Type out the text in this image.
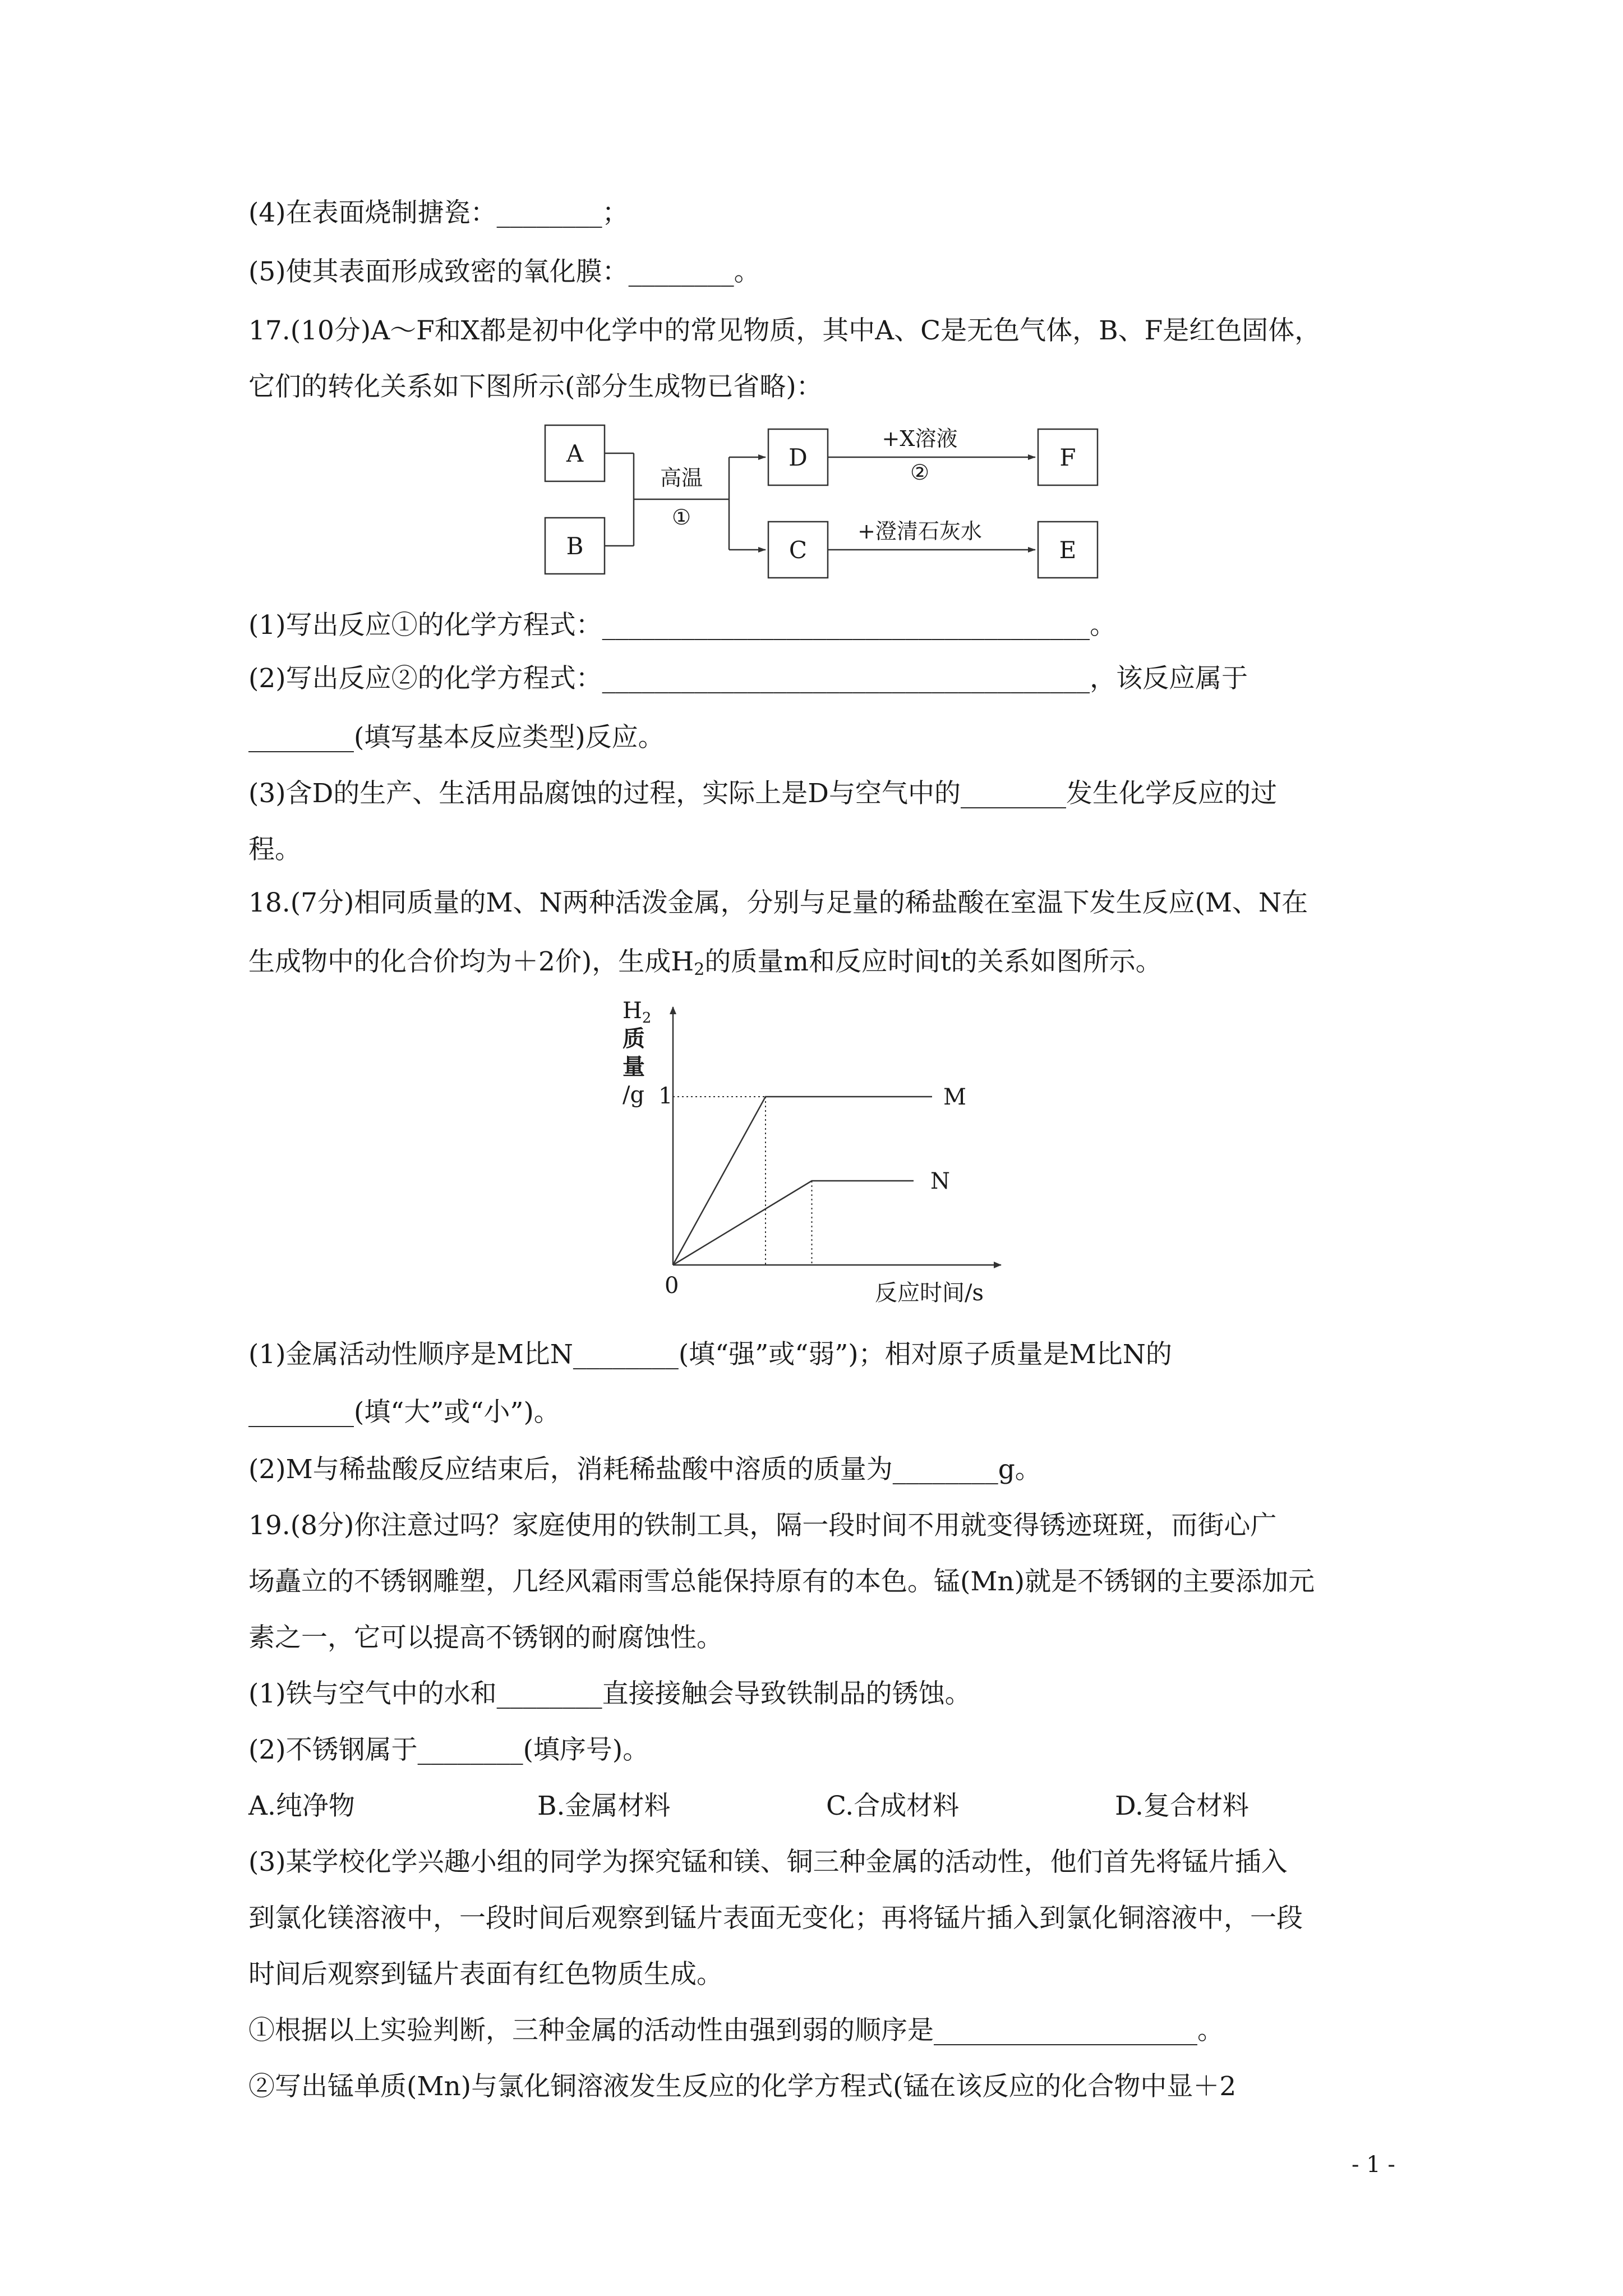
(4)在表面烧制搪瓷：________；
(5)使其表面形成致密的氧化膜：________。
17.(10分)A～F和X都是初中化学中的常见物质，其中A、C是无色气体，B、F是红色固体，
它们的转化关系如下图所示(部分生成物已省略)：
A
B
D
C
F
E
高温
①
+X溶液
②
+澄清石灰水
(1)写出反应①的化学方程式：_____________________________________。
(2)写出反应②的化学方程式：_____________________________________，该反应属于
________(填写基本反应类型)反应。
(3)含D的生产、生活用品腐蚀的过程，实际上是D与空气中的________发生化学反应的过
程。
18.(7分)相同质量的M、N两种活泼金属，分别与足量的稀盐酸在室温下发生反应(M、N在
生成物中的化合价均为＋2价)，生成$H_2$的质量m和反应时间t的关系如图所示。
$H_2$
质
量
/g 1
0	反应时间/s
M
N
(1)金属活动性顺序是M比N________(填“强”或“弱”)；相对原子质量是M比N的
________(填“大”或“小”)。
(2)M与稀盐酸反应结束后，消耗稀盐酸中溶质的质量为________g。
19.(8分)你注意过吗？家庭使用的铁制工具，隔一段时间不用就变得锈迹斑斑，而街心广
场矗立的不锈钢雕塑，几经风霜雨雪总能保持原有的本色。锰(Mn)就是不锈钢的主要添加元
素之一，它可以提高不锈钢的耐腐蚀性。
(1)铁与空气中的水和________直接接触会导致铁制品的锈蚀。
(2)不锈钢属于________(填序号)。

A.纯净物

	B.金属材料

	C.合成材料

	D.复合材料

(3)某学校化学兴趣小组的同学为探究锰和镁、铜三种金属的活动性，他们首先将锰片插入
到氯化镁溶液中，一段时间后观察到锰片表面无变化；再将锰片插入到氯化铜溶液中，一段
时间后观察到锰片表面有红色物质生成。
①根据以上实验判断，三种金属的活动性由强到弱的顺序是____________________。
②写出锰单质(Mn)与氯化铜溶液发生反应的化学方程式(锰在该反应的化合物中显＋2
- 1 -
